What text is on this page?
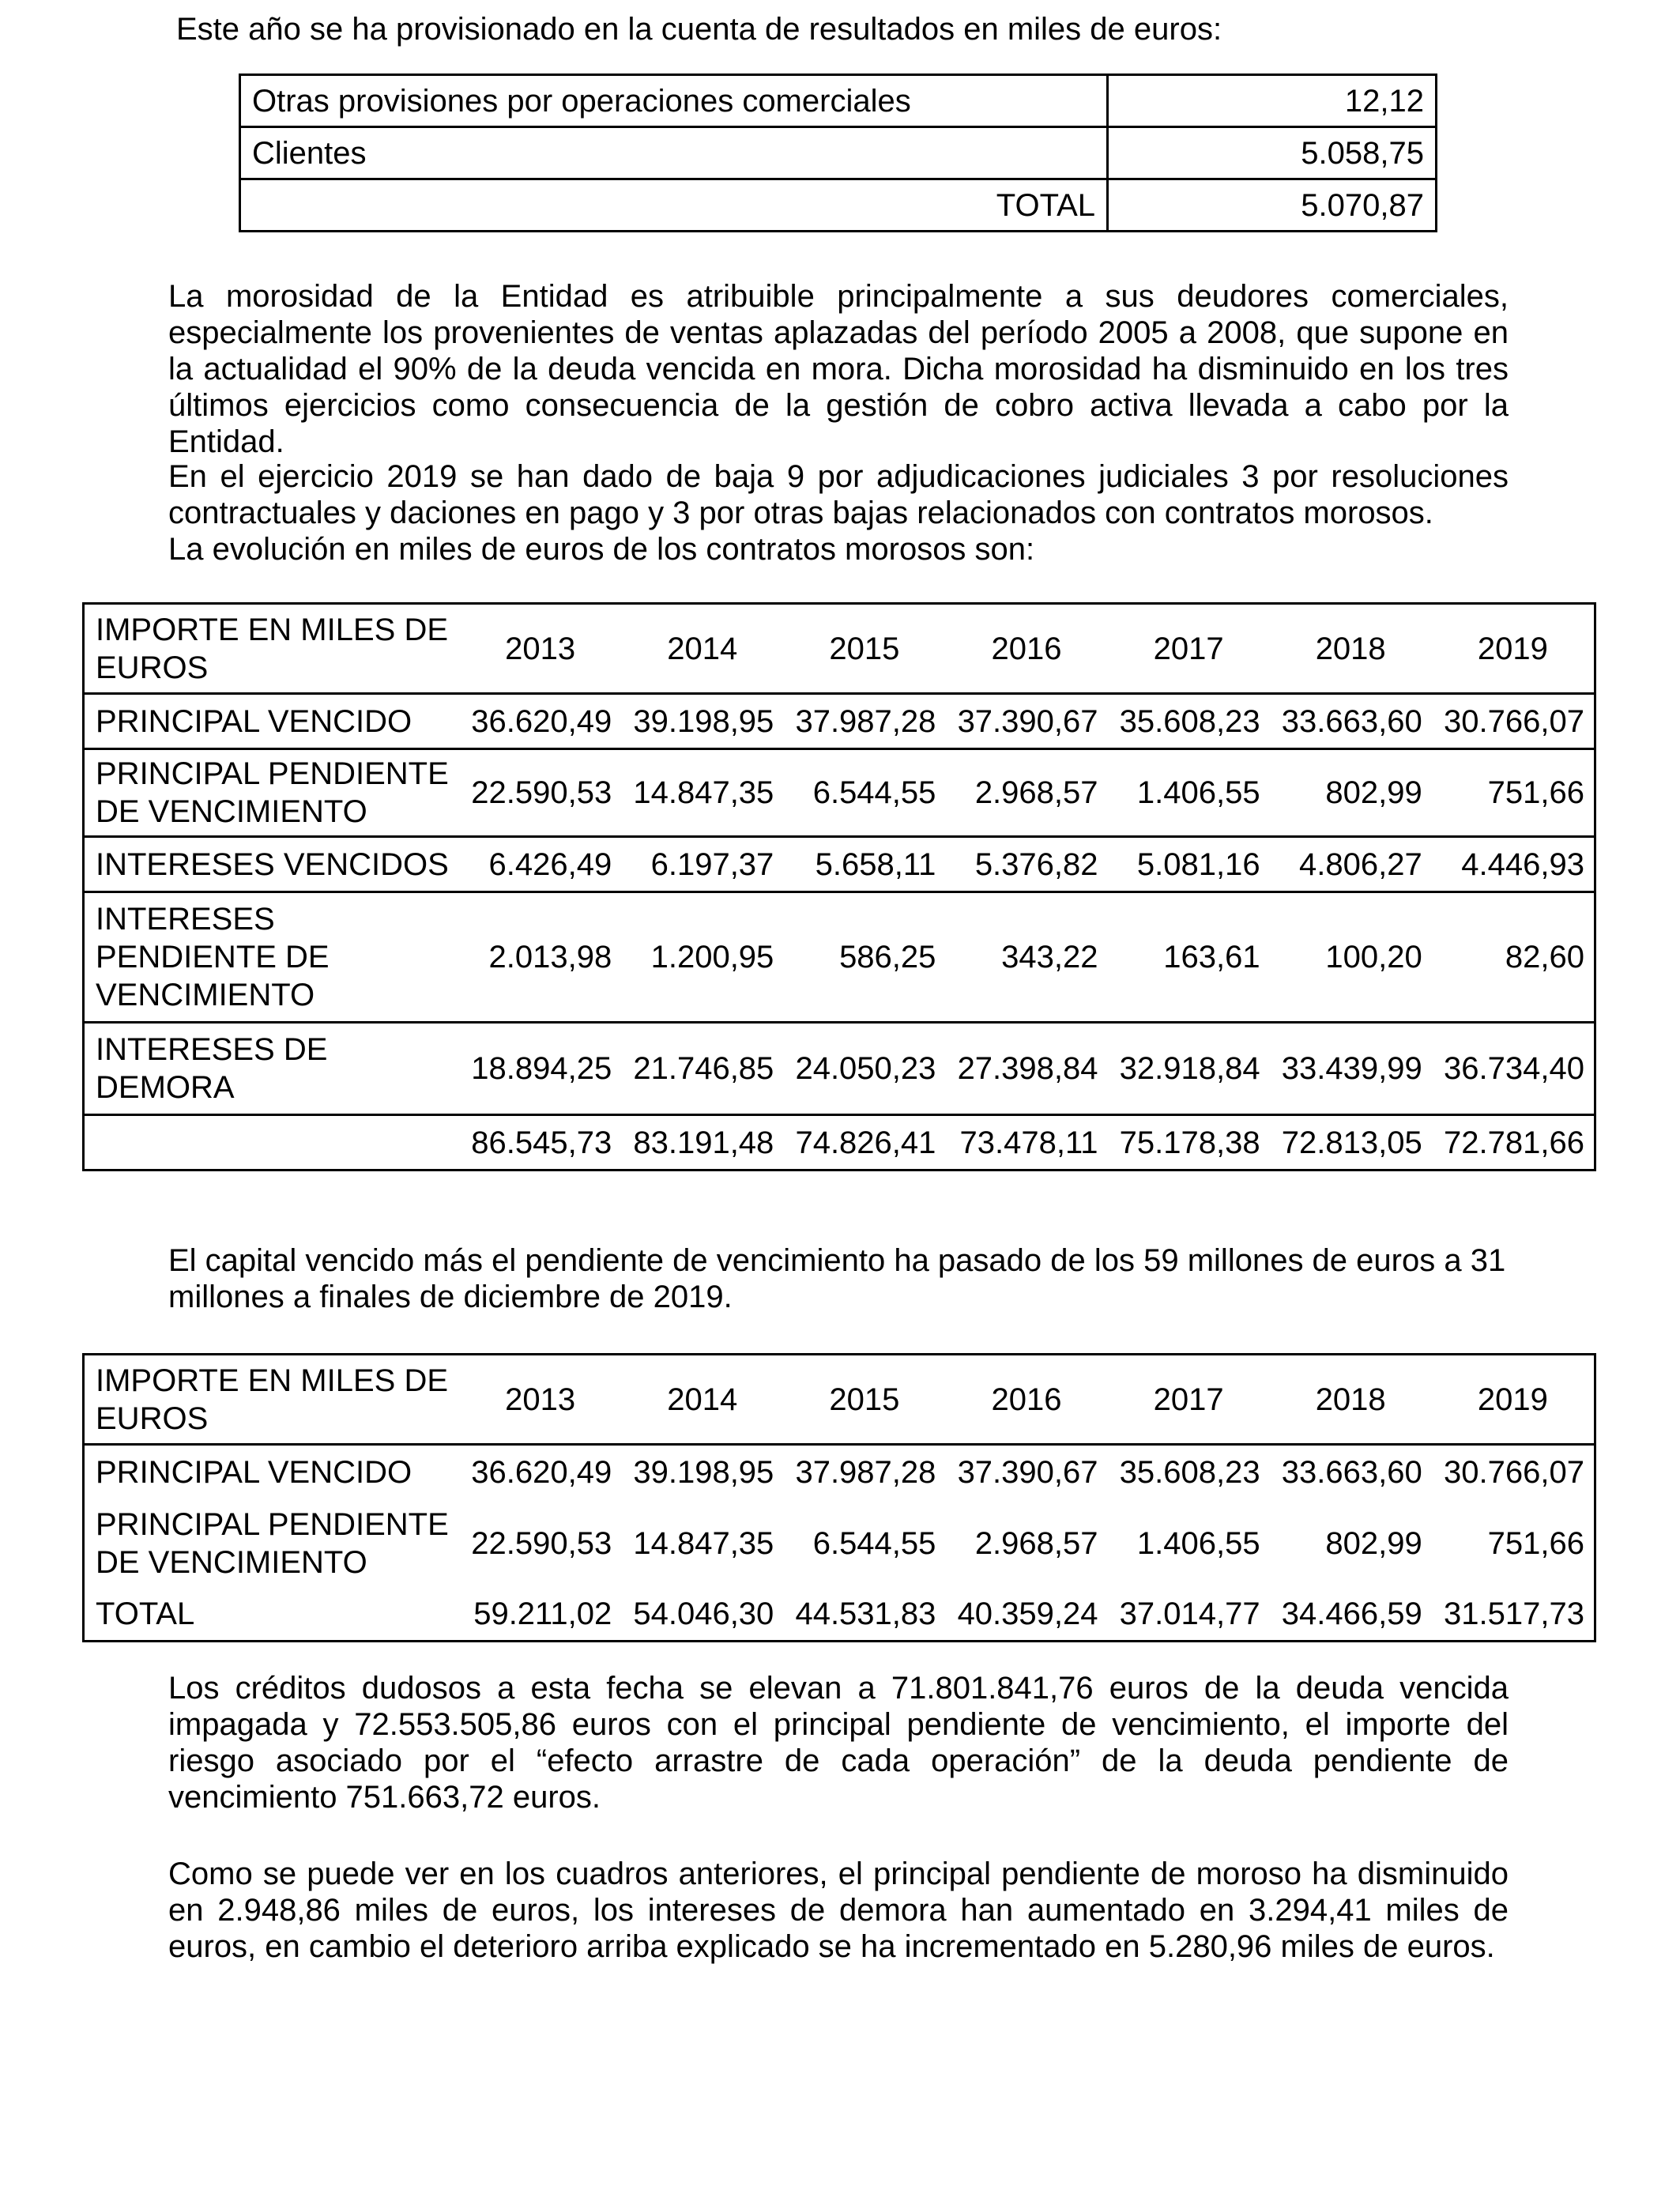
Este año se ha provisionado en la cuenta de resultados en miles de euros:

Otras provisiones por operaciones comerciales	12,12
Clientes	5.058,75
TOTAL	5.070,87

La morosidad de la Entidad es atribuible principalmente a sus deudores comerciales, especialmente los provenientes de ventas aplazadas del período 2005 a 2008, que supone en la actualidad el 90% de la deuda vencida en mora. Dicha morosidad ha disminuido en los tres últimos ejercicios como consecuencia de la gestión de cobro activa llevada a cabo por la Entidad.

En el ejercicio 2019 se han dado de baja 9 por adjudicaciones judiciales 3 por resoluciones contractuales y daciones en pago y 3 por otras bajas relacionados con contratos morosos.

La evolución en miles de euros de los contratos morosos son:

IMPORTE EN MILES DE EUROS	2013	2014	2015	2016	2017	2018	2019
PRINCIPAL VENCIDO	36.620,49	39.198,95	37.987,28	37.390,67	35.608,23	33.663,60	30.766,07
PRINCIPAL PENDIENTE DE VENCIMIENTO	22.590,53	14.847,35	6.544,55	2.968,57	1.406,55	802,99	751,66
INTERESES VENCIDOS	6.426,49	6.197,37	5.658,11	5.376,82	5.081,16	4.806,27	4.446,93
INTERESES PENDIENTE DE VENCIMIENTO	2.013,98	1.200,95	586,25	343,22	163,61	100,20	82,60
INTERESES DE DEMORA	18.894,25	21.746,85	24.050,23	27.398,84	32.918,84	33.439,99	36.734,40
	86.545,73	83.191,48	74.826,41	73.478,11	75.178,38	72.813,05	72.781,66

El capital vencido más el pendiente de vencimiento ha pasado de los 59 millones de euros a 31 millones a finales de diciembre de 2019.

IMPORTE EN MILES DE EUROS	2013	2014	2015	2016	2017	2018	2019
PRINCIPAL VENCIDO	36.620,49	39.198,95	37.987,28	37.390,67	35.608,23	33.663,60	30.766,07
PRINCIPAL PENDIENTE DE VENCIMIENTO	22.590,53	14.847,35	6.544,55	2.968,57	1.406,55	802,99	751,66
TOTAL	59.211,02	54.046,30	44.531,83	40.359,24	37.014,77	34.466,59	31.517,73

Los créditos dudosos a esta fecha se elevan a 71.801.841,76 euros de la deuda vencida impagada y 72.553.505,86 euros con el principal pendiente de vencimiento, el importe del riesgo asociado por el “efecto arrastre de cada operación” de la deuda pendiente de vencimiento 751.663,72 euros.

Como se puede ver en los cuadros anteriores, el principal pendiente de moroso ha disminuido en 2.948,86 miles de euros, los intereses de demora han aumentado en 3.294,41 miles de euros, en cambio el deterioro arriba explicado se ha incrementado en 5.280,96 miles de euros.
